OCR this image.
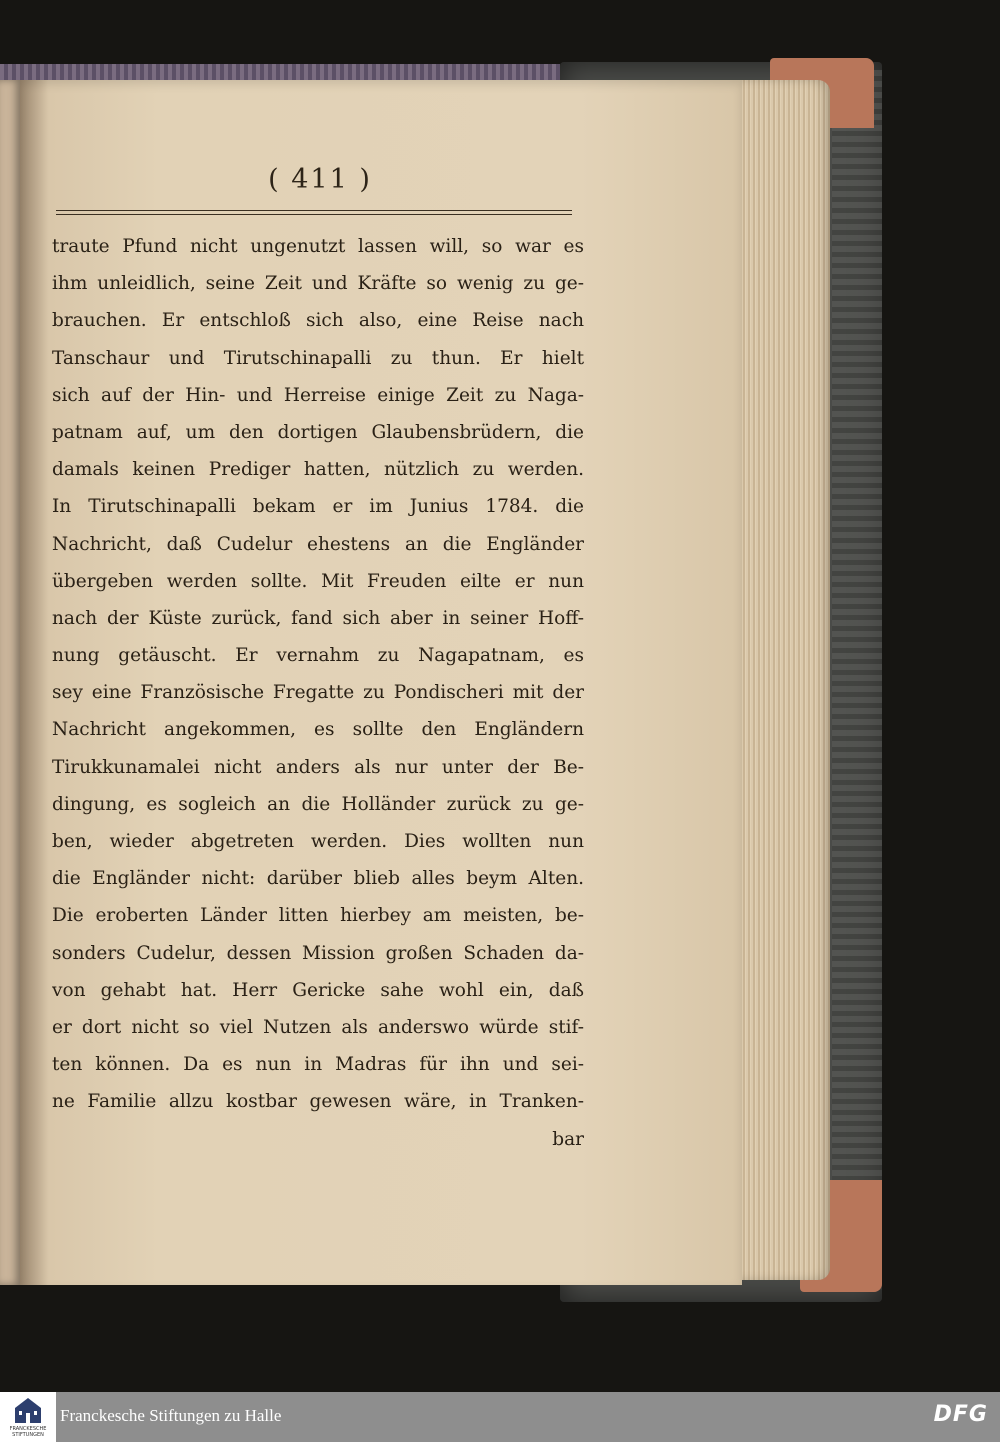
( 411 )
traute Pfund nicht ungenutzt lassen will, so war es
ihm unleidlich, seine Zeit und Kräfte so wenig zu ge-
brauchen. Er entschloß sich also, eine Reise nach
Tanschaur und Tirutschinapalli zu thun. Er hielt
sich auf der Hin- und Herreise einige Zeit zu Naga-
patnam auf, um den dortigen Glaubensbrüdern, die
damals keinen Prediger hatten, nützlich zu werden.
In Tirutschinapalli bekam er im Junius 1784. die
Nachricht, daß Cudelur ehestens an die Engländer
übergeben werden sollte. Mit Freuden eilte er nun
nach der Küste zurück, fand sich aber in seiner Hoff-
nung getäuscht. Er vernahm zu Nagapatnam, es
sey eine Französische Fregatte zu Pondischeri mit der
Nachricht angekommen, es sollte den Engländern
Tirukkunamalei nicht anders als nur unter der Be-
dingung, es sogleich an die Holländer zurück zu ge-
ben, wieder abgetreten werden. Dies wollten nun
die Engländer nicht: darüber blieb alles beym Alten.
Die eroberten Länder litten hierbey am meisten, be-
sonders Cudelur, dessen Mission großen Schaden da-
von gehabt hat. Herr Gericke sahe wohl ein, daß
er dort nicht so viel Nutzen als anderswo würde stif-
ten können. Da es nun in Madras für ihn und sei-
ne Familie allzu kostbar gewesen wäre, in Tranken-
bar
FRANCKESCHE STIFTUNGEN
Franckesche Stiftungen zu Halle	DFG
